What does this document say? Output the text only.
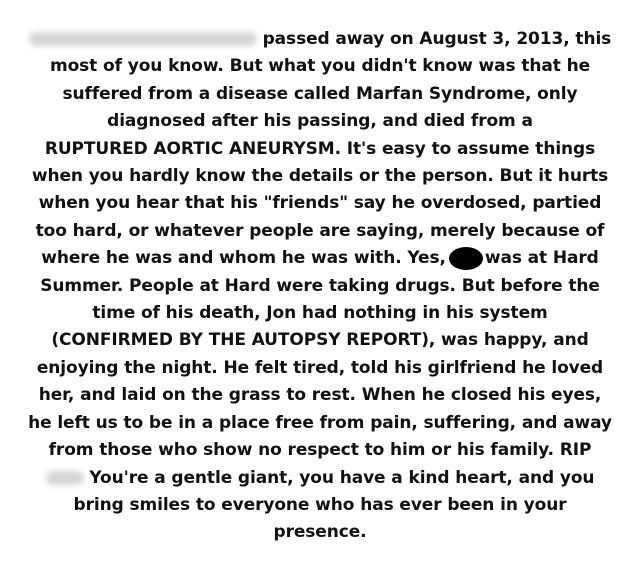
passed away on August 3, 2013, this
most of you know. But what you didn't know was that he
suffered from a disease called Marfan Syndrome, only
diagnosed after his passing, and died from a
RUPTURED AORTIC ANEURYSM. It's easy to assume things
when you hardly know the details or the person. But it hurts
when you hear that his "friends" say he overdosed, partied
too hard, or whatever people are saying, merely because of
where he was and whom he was with. Yes, was at Hard
Summer. People at Hard were taking drugs. But before the
time of his death, Jon had nothing in his system
(CONFIRMED BY THE AUTOPSY REPORT), was happy, and
enjoying the night. He felt tired, told his girlfriend he loved
her, and laid on the grass to rest. When he closed his eyes,
he left us to be in a place free from pain, suffering, and away
from those who show no respect to him or his family. RIP
You're a gentle giant, you have a kind heart, and you
bring smiles to everyone who has ever been in your
presence.
